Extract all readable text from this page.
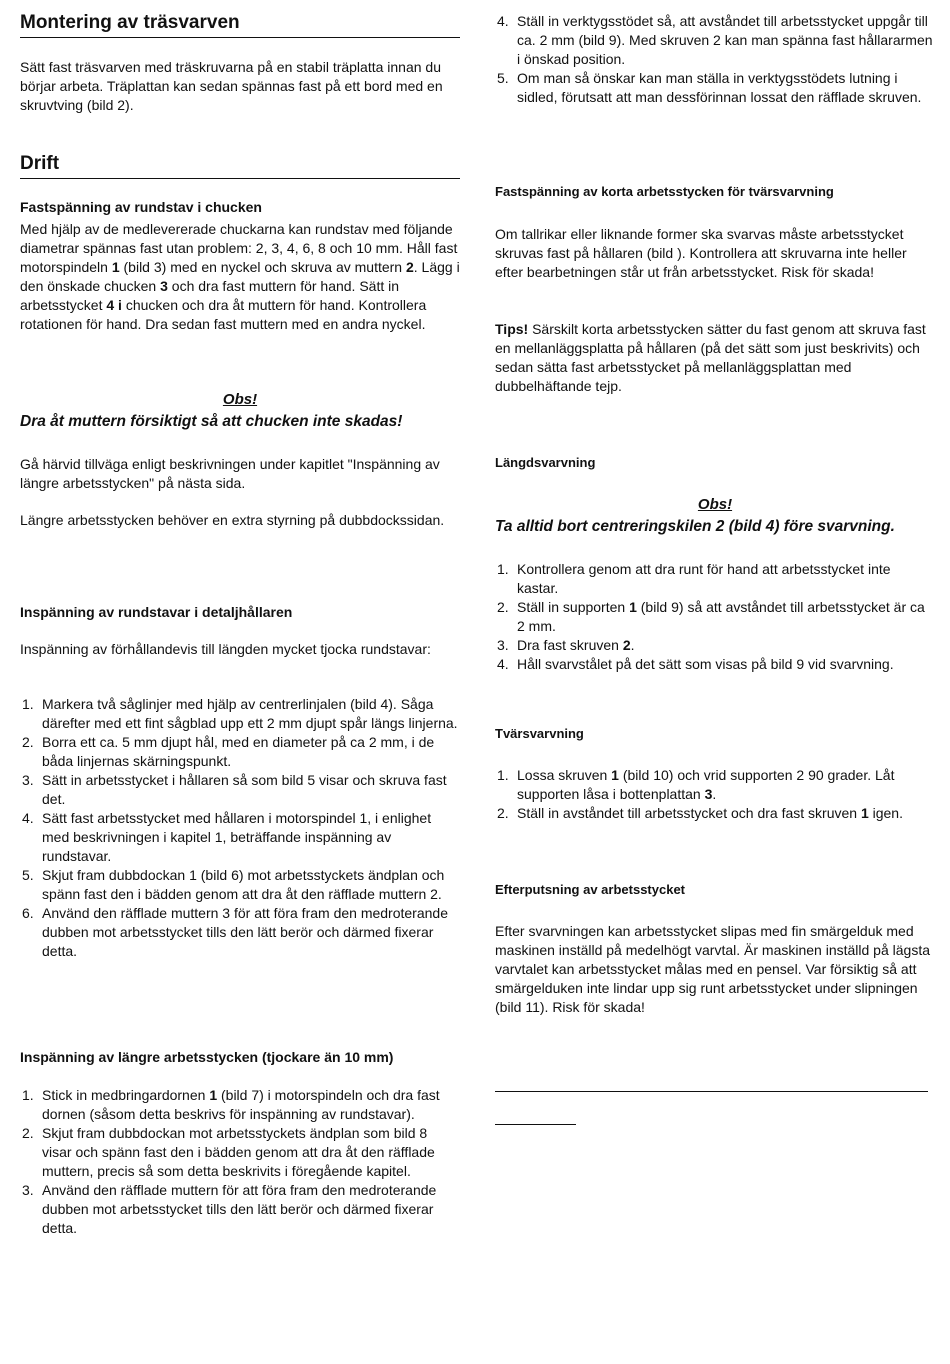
Montering av träsvarven

Sätt fast träsvarven med träskruvarna på en stabil träplatta innan du börjar arbeta. Träplattan kan sedan spännas fast på ett bord med en skruvtving (bild 2).

Drift
Fastspänning av rundstav i chucken

Med hjälp av de medlevererade chuckarna kan rundstav med följande diametrar spännas fast utan problem: 2, 3, 4, 6, 8 och 10 mm. Håll fast motorspindeln 1 (bild 3) med en nyckel och skruva av muttern 2. Lägg i den önskade chucken 3 och dra fast muttern för hand. Sätt in arbetsstycket 4 i chucken och dra åt muttern för hand. Kontrollera rotationen för hand. Dra sedan fast muttern med en andra nyckel.

Obs!
Dra åt muttern försiktigt så att chucken inte skadas!

Gå härvid tillväga enligt beskrivningen under kapitlet "Inspänning av längre arbetsstycken" på nästa sida.

Längre arbetsstycken behöver en extra styrning på dubbdockssidan.

Inspänning av rundstavar i detaljhållaren

Inspänning av förhållandevis till längden mycket tjocka rundstavar:

1. Markera två såglinjer med hjälp av centrerlinjalen (bild 4). Såga därefter med ett fint sågblad upp ett 2 mm djupt spår längs linjerna.
2. Borra ett ca. 5 mm djupt hål, med en diameter på ca 2 mm, i de båda linjernas skärningspunkt.
3. Sätt in arbetsstycket i hållaren så som bild 5 visar och skruva fast det.
4. Sätt fast arbetsstycket med hållaren i motorspindel 1, i enlighet med beskrivningen i kapitel 1, beträffande inspänning av rundstavar.
5. Skjut fram dubbdockan 1 (bild 6) mot arbetsstyckets ändplan och spänn fast den i bädden genom att dra åt den räfflade muttern 2.
6. Använd den räfflade muttern 3 för att föra fram den medroterande dubben mot arbetsstycket tills den lätt berör och därmed fixerar detta.
Inspänning av längre arbetsstycken (tjockare än 10 mm)
1. Stick in medbringardornen 1 (bild 7) i motorspindeln och dra fast dornen (såsom detta beskrivs för inspänning av rundstavar).
2. Skjut fram dubbdockan mot arbetsstyckets ändplan som bild 8 visar och spänn fast den i bädden genom att dra åt den räfflade muttern, precis så som detta beskrivits i föregående kapitel.
3. Använd den räfflade muttern för att föra fram den medroterande dubben mot arbetsstycket tills den lätt berör och därmed fixerar detta.
4. Ställ in verktygsstödet så, att avståndet till arbetsstycket uppgår till ca. 2 mm (bild 9). Med skruven 2 kan man spänna fast hållararmen i önskad position.
5. Om man så önskar kan man ställa in verktygsstödets lutning i sidled, förutsatt att man dessförinnan lossat den räfflade skruven.
Fastspänning av korta arbetsstycken för tvärsvarvning

Om tallrikar eller liknande former ska svarvas måste arbetsstycket skruvas fast på hållaren (bild ). Kontrollera att skruvarna inte heller efter bearbetningen står ut från arbetsstycket. Risk för skada!

Tips! Särskilt korta arbetsstycken sätter du fast genom att skruva fast en mellanläggsplatta på hållaren (på det sätt som just beskrivits) och sedan sätta fast arbetsstycket på mellanläggsplattan med dubbelhäftande tejp.

Längdsvarvning
Obs!
Ta alltid bort centreringskilen 2 (bild 4) före svarvning.
1. Kontrollera genom att dra runt för hand att arbetsstycket inte kastar.
2. Ställ in supporten 1 (bild 9) så att avståndet till arbetsstycket är ca 2 mm.
3. Dra fast skruven 2.
4. Håll svarvstålet på det sätt som visas på bild 9 vid svarvning.
Tvärsvarvning
1. Lossa skruven 1 (bild 10) och vrid supporten 2 90 grader. Låt supporten låsa i bottenplattan 3.
2. Ställ in avståndet till arbetsstycket och dra fast skruven 1 igen.
Efterputsning av arbetsstycket

Efter svarvningen kan arbetsstycket slipas med fin smärgelduk med maskinen inställd på medelhögt varvtal. Är maskinen inställd på lägsta varvtalet kan arbetsstycket målas med en pensel. Var försiktig så att smärgelduken inte lindar upp sig runt arbetsstycket under slipningen (bild 11). Risk för skada!
